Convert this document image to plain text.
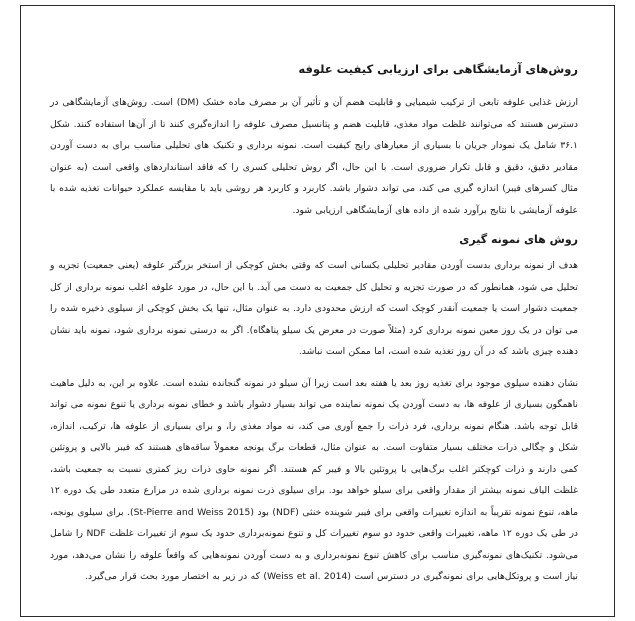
روش‌های آزمایشگاهی برای ارزیابی کیفیت علوفه

ارزش غذایی علوفه تابعی از ترکیب شیمیایی و قابلیت هضم آن و تأثیر آن بر مصرف ماده خشک (DM) است. روش‌های آزمایشگاهی در دسترس هستند که می‌توانند غلظت مواد مغذی، قابلیت هضم و پتانسیل مصرف علوفه را اندازه‌گیری کنند تا از آن‌ها استفاده کنند. شکل ۳۶.۱ شامل یک نمودار جریان با بسیاری از معیارهای رایج کیفیت است. نمونه برداری و تکنیک های تحلیلی مناسب برای به دست آوردن مقادیر دقیق، دقیق و قابل تکرار ضروری است. با این حال، اگر روش تحلیلی کسری را که فاقد استانداردهای واقعی است (به عنوان مثال کسرهای فیبر) اندازه گیری می کند، می تواند دشوار باشد. کاربرد و کاربرد هر روشی باید با مقایسه عملکرد حیوانات تغذیه شده با علوفه آزمایشی با نتایج برآورد شده از داده های آزمایشگاهی ارزیابی شود.

روش های نمونه گیری

هدف از نمونه برداری بدست آوردن مقادیر تحلیلی یکسانی است که وقتی بخش کوچکی از استخر بزرگتر علوفه (یعنی جمعیت) تجزیه و تحلیل می شود، همانطور که در صورت تجزیه و تحلیل کل جمعیت به دست می آید. با این حال، در مورد علوفه اغلب نمونه برداری از کل جمعیت دشوار است یا جمعیت آنقدر کوچک است که ارزش محدودی دارد. به عنوان مثال، تنها یک بخش کوچکی از سیلوی ذخیره شده را می توان در یک روز معین نمونه برداری کرد (مثلاً صورت در معرض یک سیلو پناهگاه). اگر به درستی نمونه برداری شود، نمونه باید نشان دهنده چیزی باشد که در آن روز تغذیه شده است، اما ممکن است نباشد.

نشان دهنده سیلوی موجود برای تغذیه روز بعد یا هفته بعد است زیرا آن سیلو در نمونه گنجانده نشده است. علاوه بر این، به دلیل ماهیت ناهمگون بسیاری از علوفه ها، به دست آوردن یک نمونه نماینده می تواند بسیار دشوار باشد و خطای نمونه برداری یا تنوع نمونه می تواند قابل توجه باشد. هنگام نمونه برداری، فرد ذرات را جمع آوری می کند، نه مواد مغذی را، و برای بسیاری از علوفه ها، ترکیب، اندازه، شکل و چگالی ذرات مختلف بسیار متفاوت است. به عنوان مثال، قطعات برگ یونجه معمولاً ساقه‌های هستند که فیبر بالایی و پروتئین کمی دارند و ذرات کوچکتر اغلب برگ‌هایی با پروتئین بالا و فیبر کم هستند. اگر نمونه حاوی ذرات ریز کمتری نسبت به جمعیت باشد، غلظت الیاف نمونه بیشتر از مقدار واقعی برای سیلو خواهد بود. برای سیلوی ذرت نمونه برداری شده در مزارع متعدد طی یک دوره ۱۲ ماهه، تنوع نمونه تقریباً به اندازه تغییرات واقعی برای فیبر شوینده خنثی (NDF) بود (St-Pierre and Weiss 2015). برای سیلوی یونجه، در طی یک دوره ۱۲ ماهه، تغییرات واقعی حدود دو سوم تغییرات کل و تنوع نمونه‌برداری حدود یک سوم از تغییرات غلظت NDF را شامل می‌شود. تکنیک‌های نمونه‌گیری مناسب برای کاهش تنوع نمونه‌برداری و به دست آوردن نمونه‌هایی که واقعاً علوفه را نشان می‌دهد، مورد نیاز است و پروتکل‌هایی برای نمونه‌گیری در دسترس است (Weiss et al. 2014) که در زیر به اختصار مورد بحث قرار می‌گیرد.
